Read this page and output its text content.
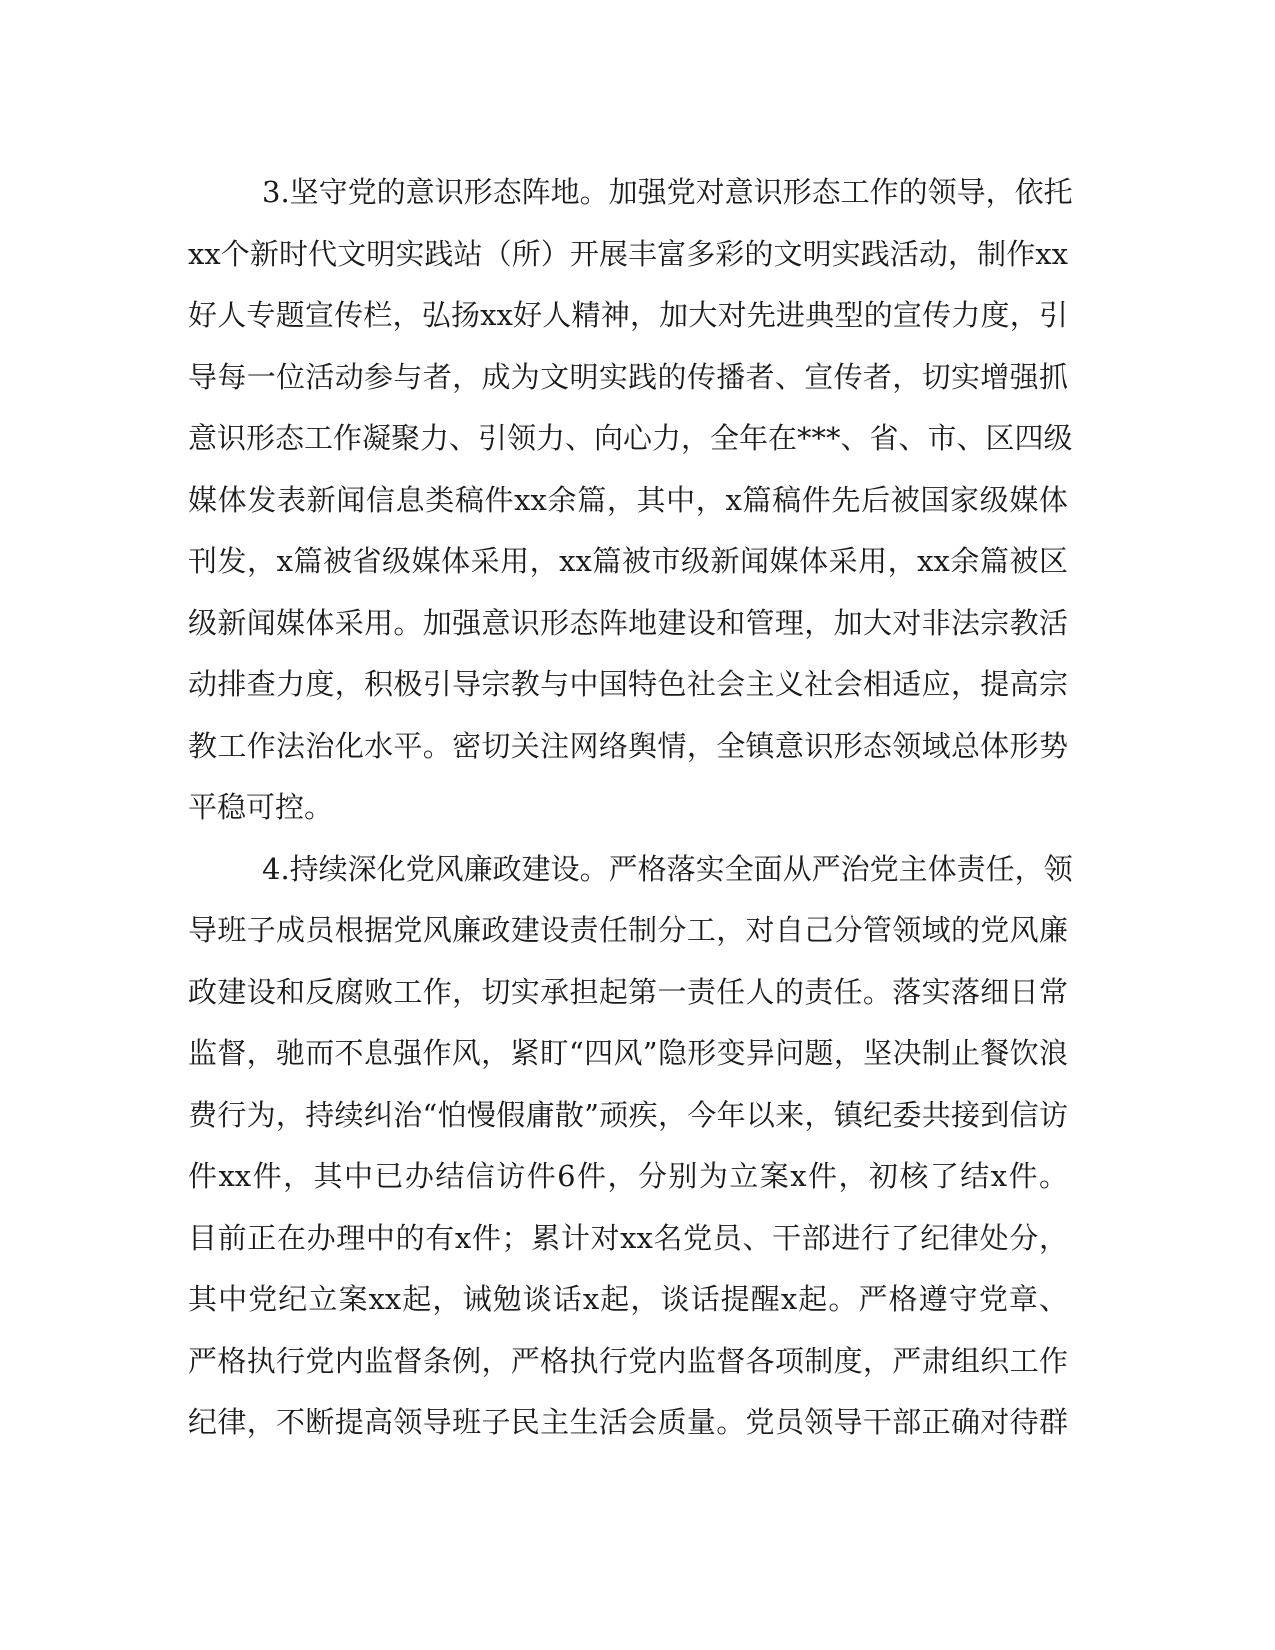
3.坚守党的意识形态阵地。加强党对意识形态工作的领导，依托
xx个新时代文明实践站（所）开展丰富多彩的文明实践活动，制作xx
好人专题宣传栏，弘扬xx好人精神，加大对先进典型的宣传力度，引
导每一位活动参与者，成为文明实践的传播者、宣传者，切实增强抓
意识形态工作凝聚力、引领力、向心力，全年在***、省、市、区四级
媒体发表新闻信息类稿件xx余篇，其中，x篇稿件先后被国家级媒体
刊发，x篇被省级媒体采用，xx篇被市级新闻媒体采用，xx余篇被区
级新闻媒体采用。加强意识形态阵地建设和管理，加大对非法宗教活
动排查力度，积极引导宗教与中国特色社会主义社会相适应，提高宗
教工作法治化水平。密切关注网络舆情，全镇意识形态领域总体形势
平稳可控。
4.持续深化党风廉政建设。严格落实全面从严治党主体责任，领
导班子成员根据党风廉政建设责任制分工，对自己分管领域的党风廉
政建设和反腐败工作，切实承担起第一责任人的责任。落实落细日常
监督，驰而不息强作风，紧盯“四风”隐形变异问题，坚决制止餐饮浪
费行为，持续纠治“怕慢假庸散”顽疾，今年以来，镇纪委共接到信访
件xx件，其中已办结信访件6件，分别为立案x件，初核了结x件。
目前正在办理中的有x件；累计对xx名党员、干部进行了纪律处分，
其中党纪立案xx起，诫勉谈话x起，谈话提醒x起。严格遵守党章、
严格执行党内监督条例，严格执行党内监督各项制度，严肃组织工作
纪律，不断提高领导班子民主生活会质量。党员领导干部正确对待群
